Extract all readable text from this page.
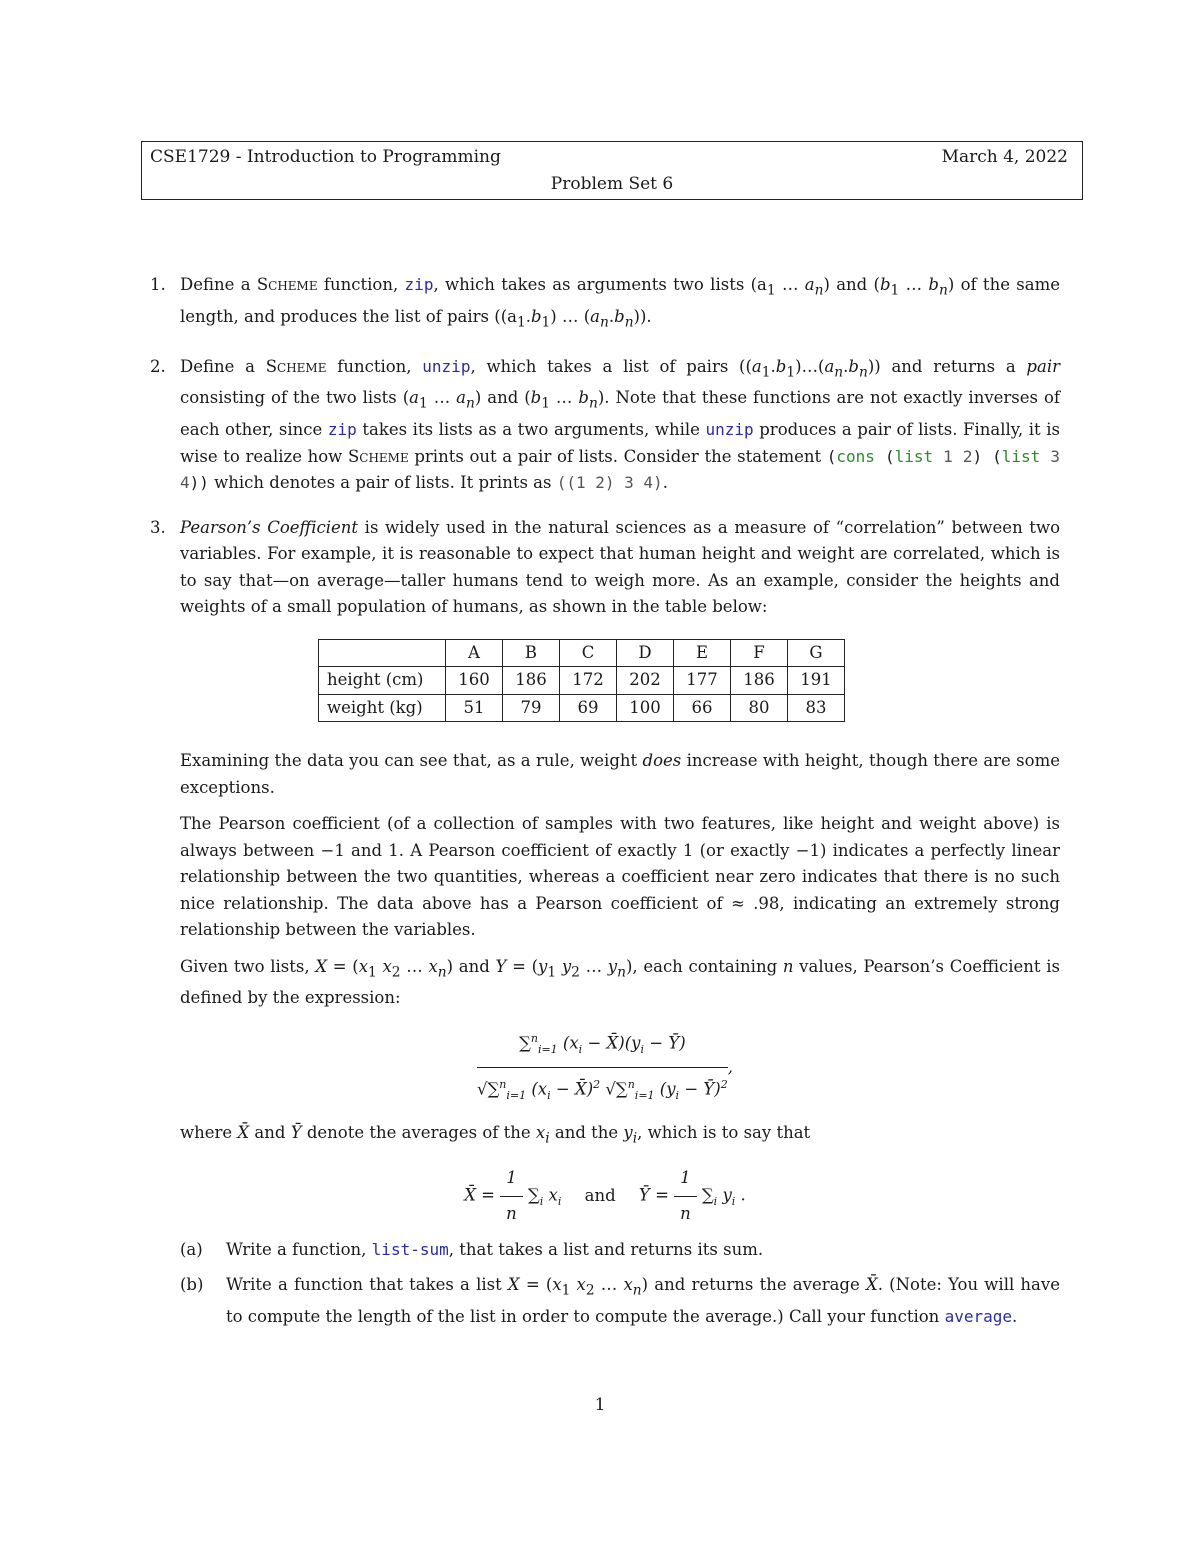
CSE1729 - Introduction to Programming	March 4, 2022
Problem Set 6
1. Define a Scheme function, zip, which takes as arguments two lists ($a_1$ … $a_n$) and ($b_1$ … $b_n$) of the same length, and produces the list of pairs ($(a_1.b_1)$ … $(a_n.b_n)$).
2. Define a Scheme function, unzip, which takes a list of pairs $((a_1.b_1)\dots(a_n.b_n))$ and returns a pair consisting of the two lists ($a_1$ … $a_n$) and ($b_1$ … $b_n$). Note that these functions are not exactly inverses of each other, since zip takes its lists as a two arguments, while unzip produces a pair of lists. Finally, it is wise to realize how Scheme prints out a pair of lists. Consider the statement (cons (list 1 2) (list 3 4)) which denotes a pair of lists. It prints as ((1 2) 3 4).
3. Pearson’s Coefficient is widely used in the natural sciences as a measure of “correlation” between two variables. For example, it is reasonable to expect that human height and weight are correlated, which is to say that—on average—taller humans tend to weigh more. As an example, consider the heights and weights of a small population of humans, as shown in the table below:
	A	B	C	D	E	F	G
height (cm)	160	186	172	202	177	186	191
weight (kg)	51	79	69	100	66	80	83
Examining the data you can see that, as a rule, weight does increase with height, though there are some exceptions.
The Pearson coefficient (of a collection of samples with two features, like height and weight above) is always between −1 and 1. A Pearson coefficient of exactly 1 (or exactly −1) indicates a perfectly linear relationship between the two quantities, whereas a coefficient near zero indicates that there is no such nice relationship. The data above has a Pearson coefficient of ≈ .98, indicating an extremely strong relationship between the variables.
Given two lists, $X = (x_1$ $x_2$ … $x_n$) and $Y = (y_1$ $y_2$ … $y_n$), each containing n values, Pearson’s Coefficient is defined by the expression:
$\frac{\sum^n_{i=1} (x_i - X̄)(y_i - Ȳ)}{√\sum^n_{i=1} (x_i - X̄)^2 √\sum^n_{i=1} (y_i - Ȳ)^2}$ ,
where X̄ and Ȳ denote the averages of the $x_i$ and the $y_i$, which is to say that
X̄ = $\frac{1}{n} \sum_i$ $x_i$ and Ȳ = $\frac{1}{n} \sum_i$ $y_i$ .
(a) Write a function, list-sum, that takes a list and returns its sum.
(b) Write a function that takes a list $X = (x_1$ $x_2$ … $x_n$) and returns the average X̄. (Note: You will have to compute the length of the list in order to compute the average.) Call your function average.
1
